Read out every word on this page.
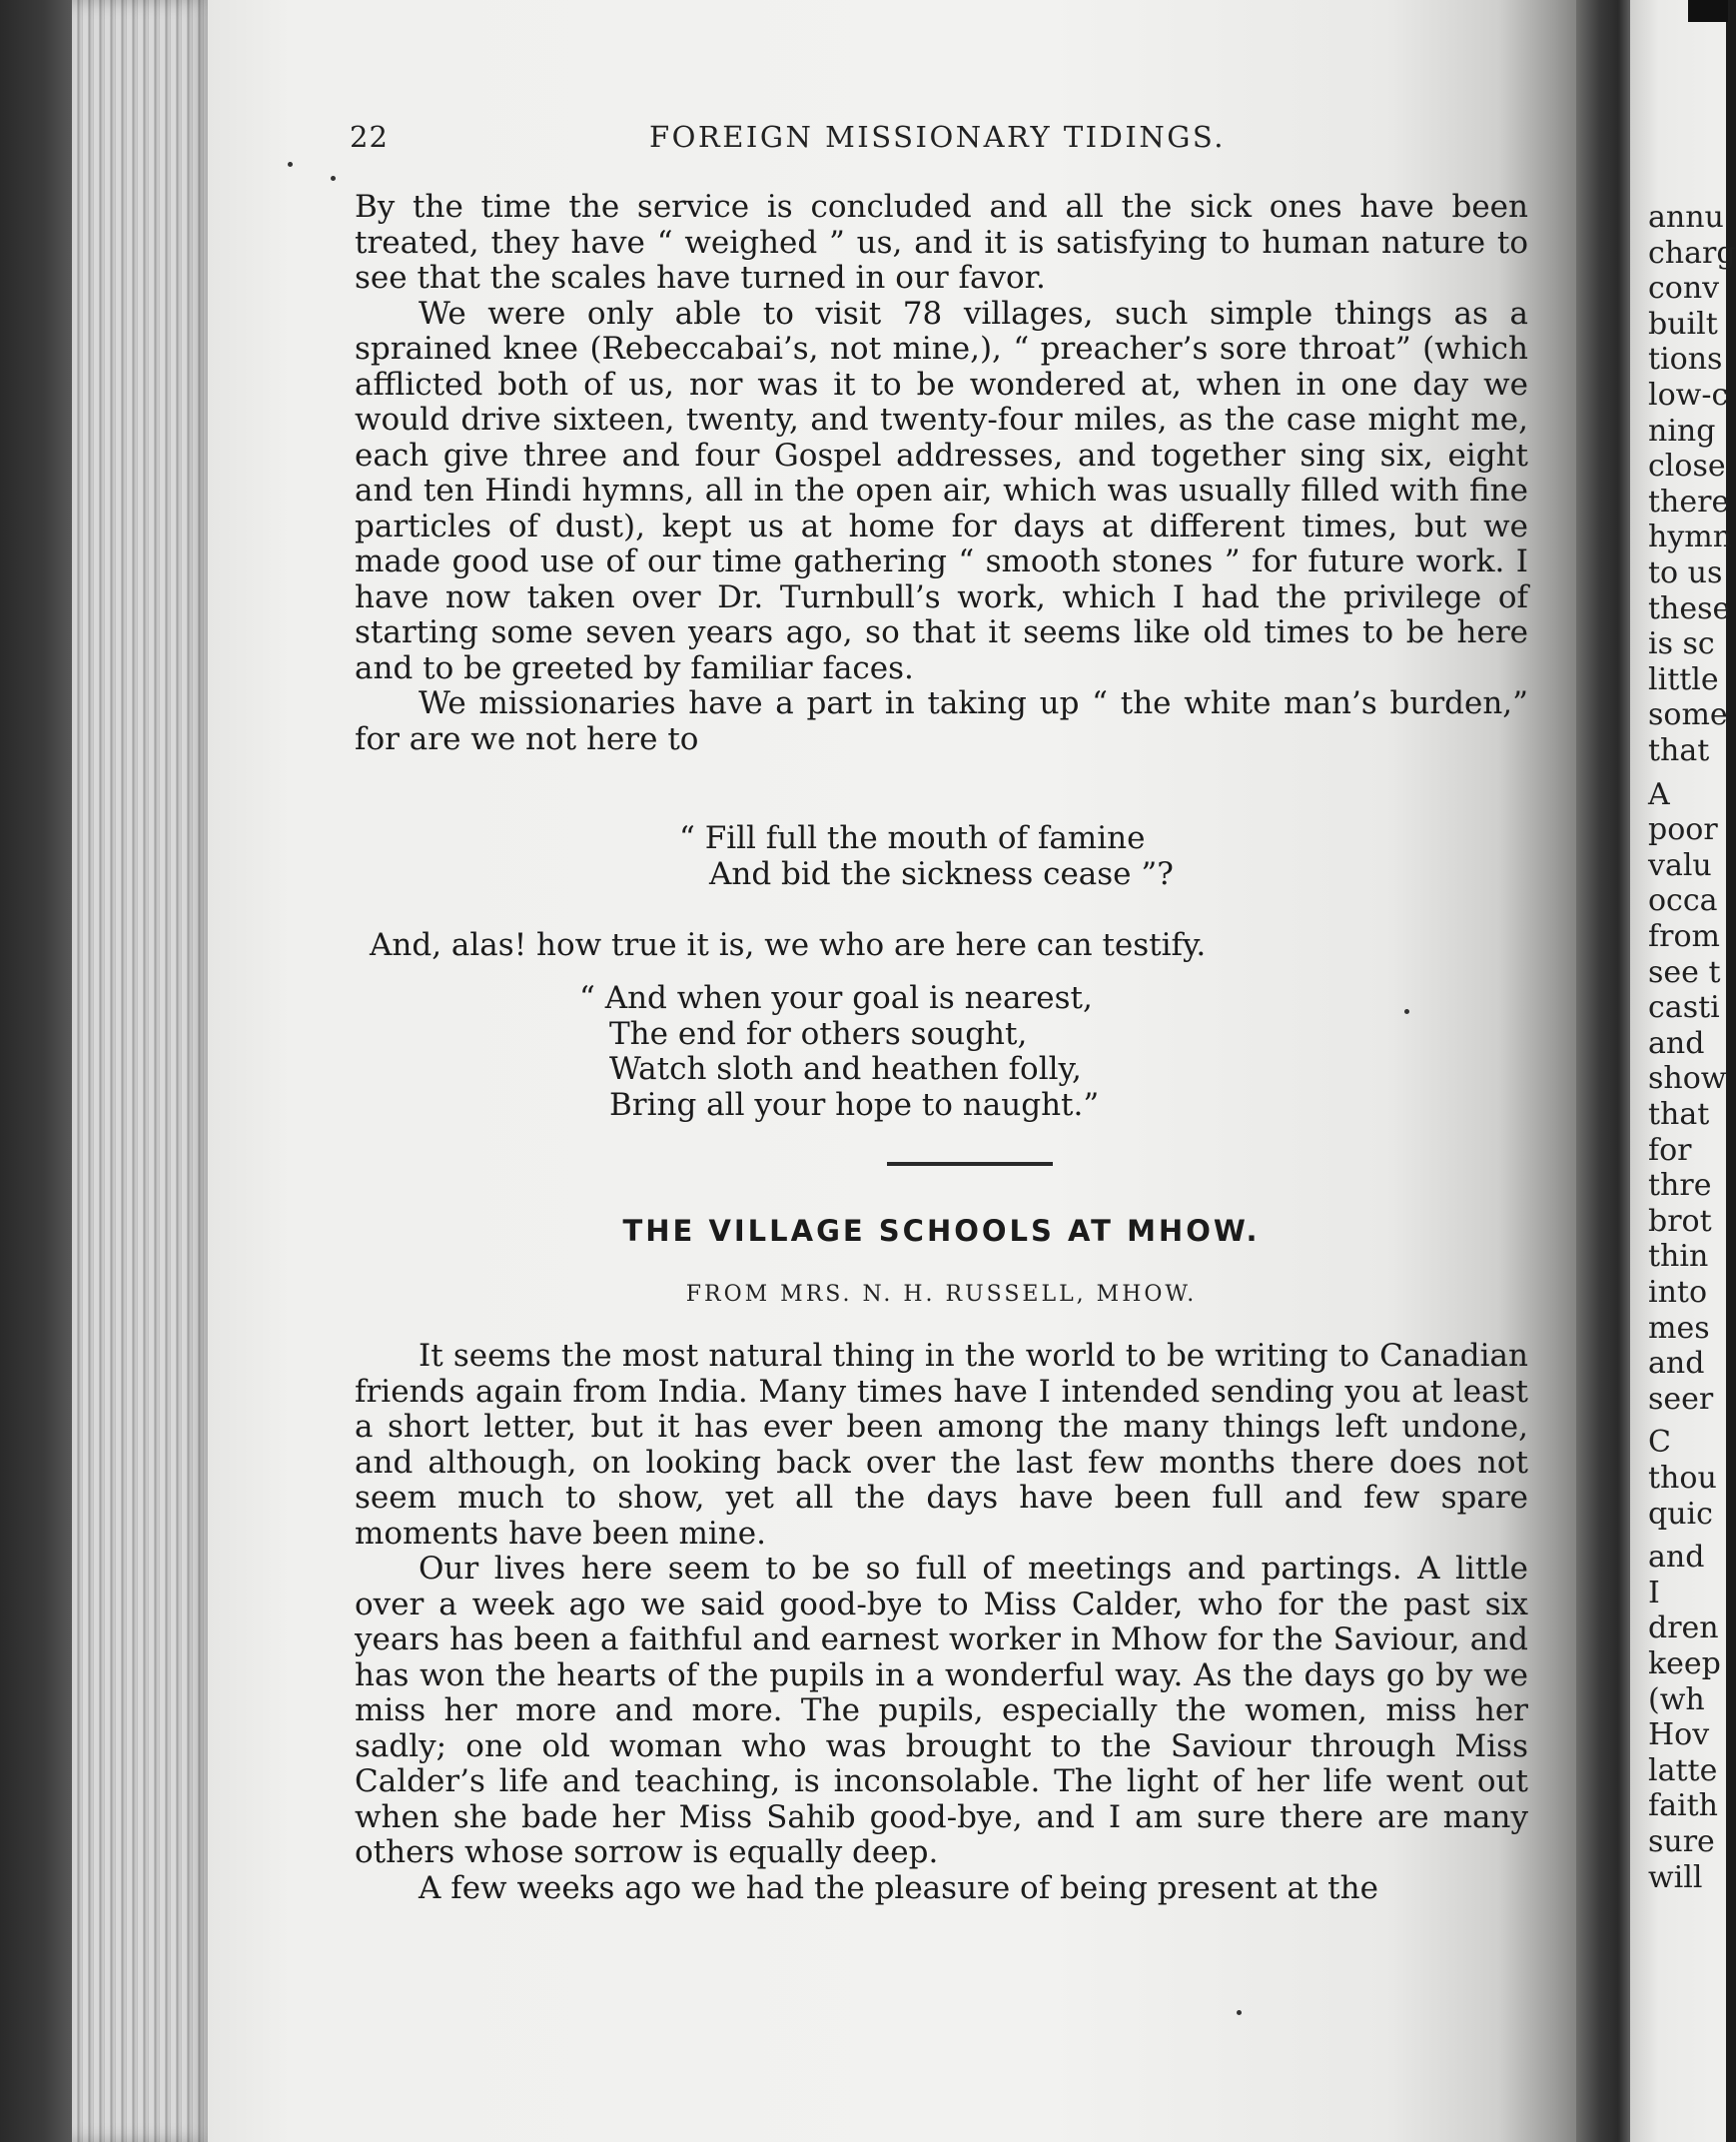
annu
charg
conv
built
tions
low-c
ning
close
there
hymn
to us
these
is sc
little
some
that
A
poor
valu
occa
from
see t
casti
and
show
that
for
thre
brot
thin
into
mes
and
seer
C
thou
quic
and
I
dren
keep
(wh
Hov
latte
faith
sure
will
22	FOREIGN MISSIONARY TIDINGS.

By the time the service is concluded and all the sick ones have been treated, they have “ weighed ” us, and it is satisfying to human nature to see that the scales have turned in our favor.

We were only able to visit 78 villages, such simple things as a sprained knee (Rebeccabai’s, not mine,), “ preacher’s sore throat” (which afflicted both of us, nor was it to be wondered at, when in one day we would drive sixteen, twenty, and twenty-four miles, as the case might me, each give three and four Gospel addresses, and together sing six, eight and ten Hindi hymns, all in the open air, which was usually filled with fine particles of dust), kept us at home for days at different times, but we made good use of our time gathering “ smooth stones ” for future work. I have now taken over Dr. Turnbull’s work, which I had the privilege of starting some seven years ago, so that it seems like old times to be here and to be greeted by familiar faces.

We missionaries have a part in taking up “ the white man’s burden,” for are we not here to

“ Fill full the mouth of famine
And bid the sickness cease ”?
And, alas! how true it is, we who are here can testify.
“ And when your goal is nearest,
The end for others sought,
Watch sloth and heathen folly,
Bring all your hope to naught.”
THE VILLAGE SCHOOLS AT MHOW.
FROM MRS. N. H. RUSSELL, MHOW.

It seems the most natural thing in the world to be writing to Canadian friends again from India. Many times have I intended sending you at least a short letter, but it has ever been among the many things left undone, and although, on looking back over the last few months there does not seem much to show, yet all the days have been full and few spare moments have been mine.

Our lives here seem to be so full of meetings and partings. A little over a week ago we said good-bye to Miss Calder, who for the past six years has been a faithful and earnest worker in Mhow for the Saviour, and has won the hearts of the pupils in a wonderful way. As the days go by we miss her more and more. The pupils, especially the women, miss her sadly; one old woman who was brought to the Saviour through Miss Calder’s life and teaching, is inconsolable. The light of her life went out when she bade her Miss Sahib good-bye, and I am sure there are many others whose sorrow is equally deep.

A few weeks ago we had the pleasure of being present at the
